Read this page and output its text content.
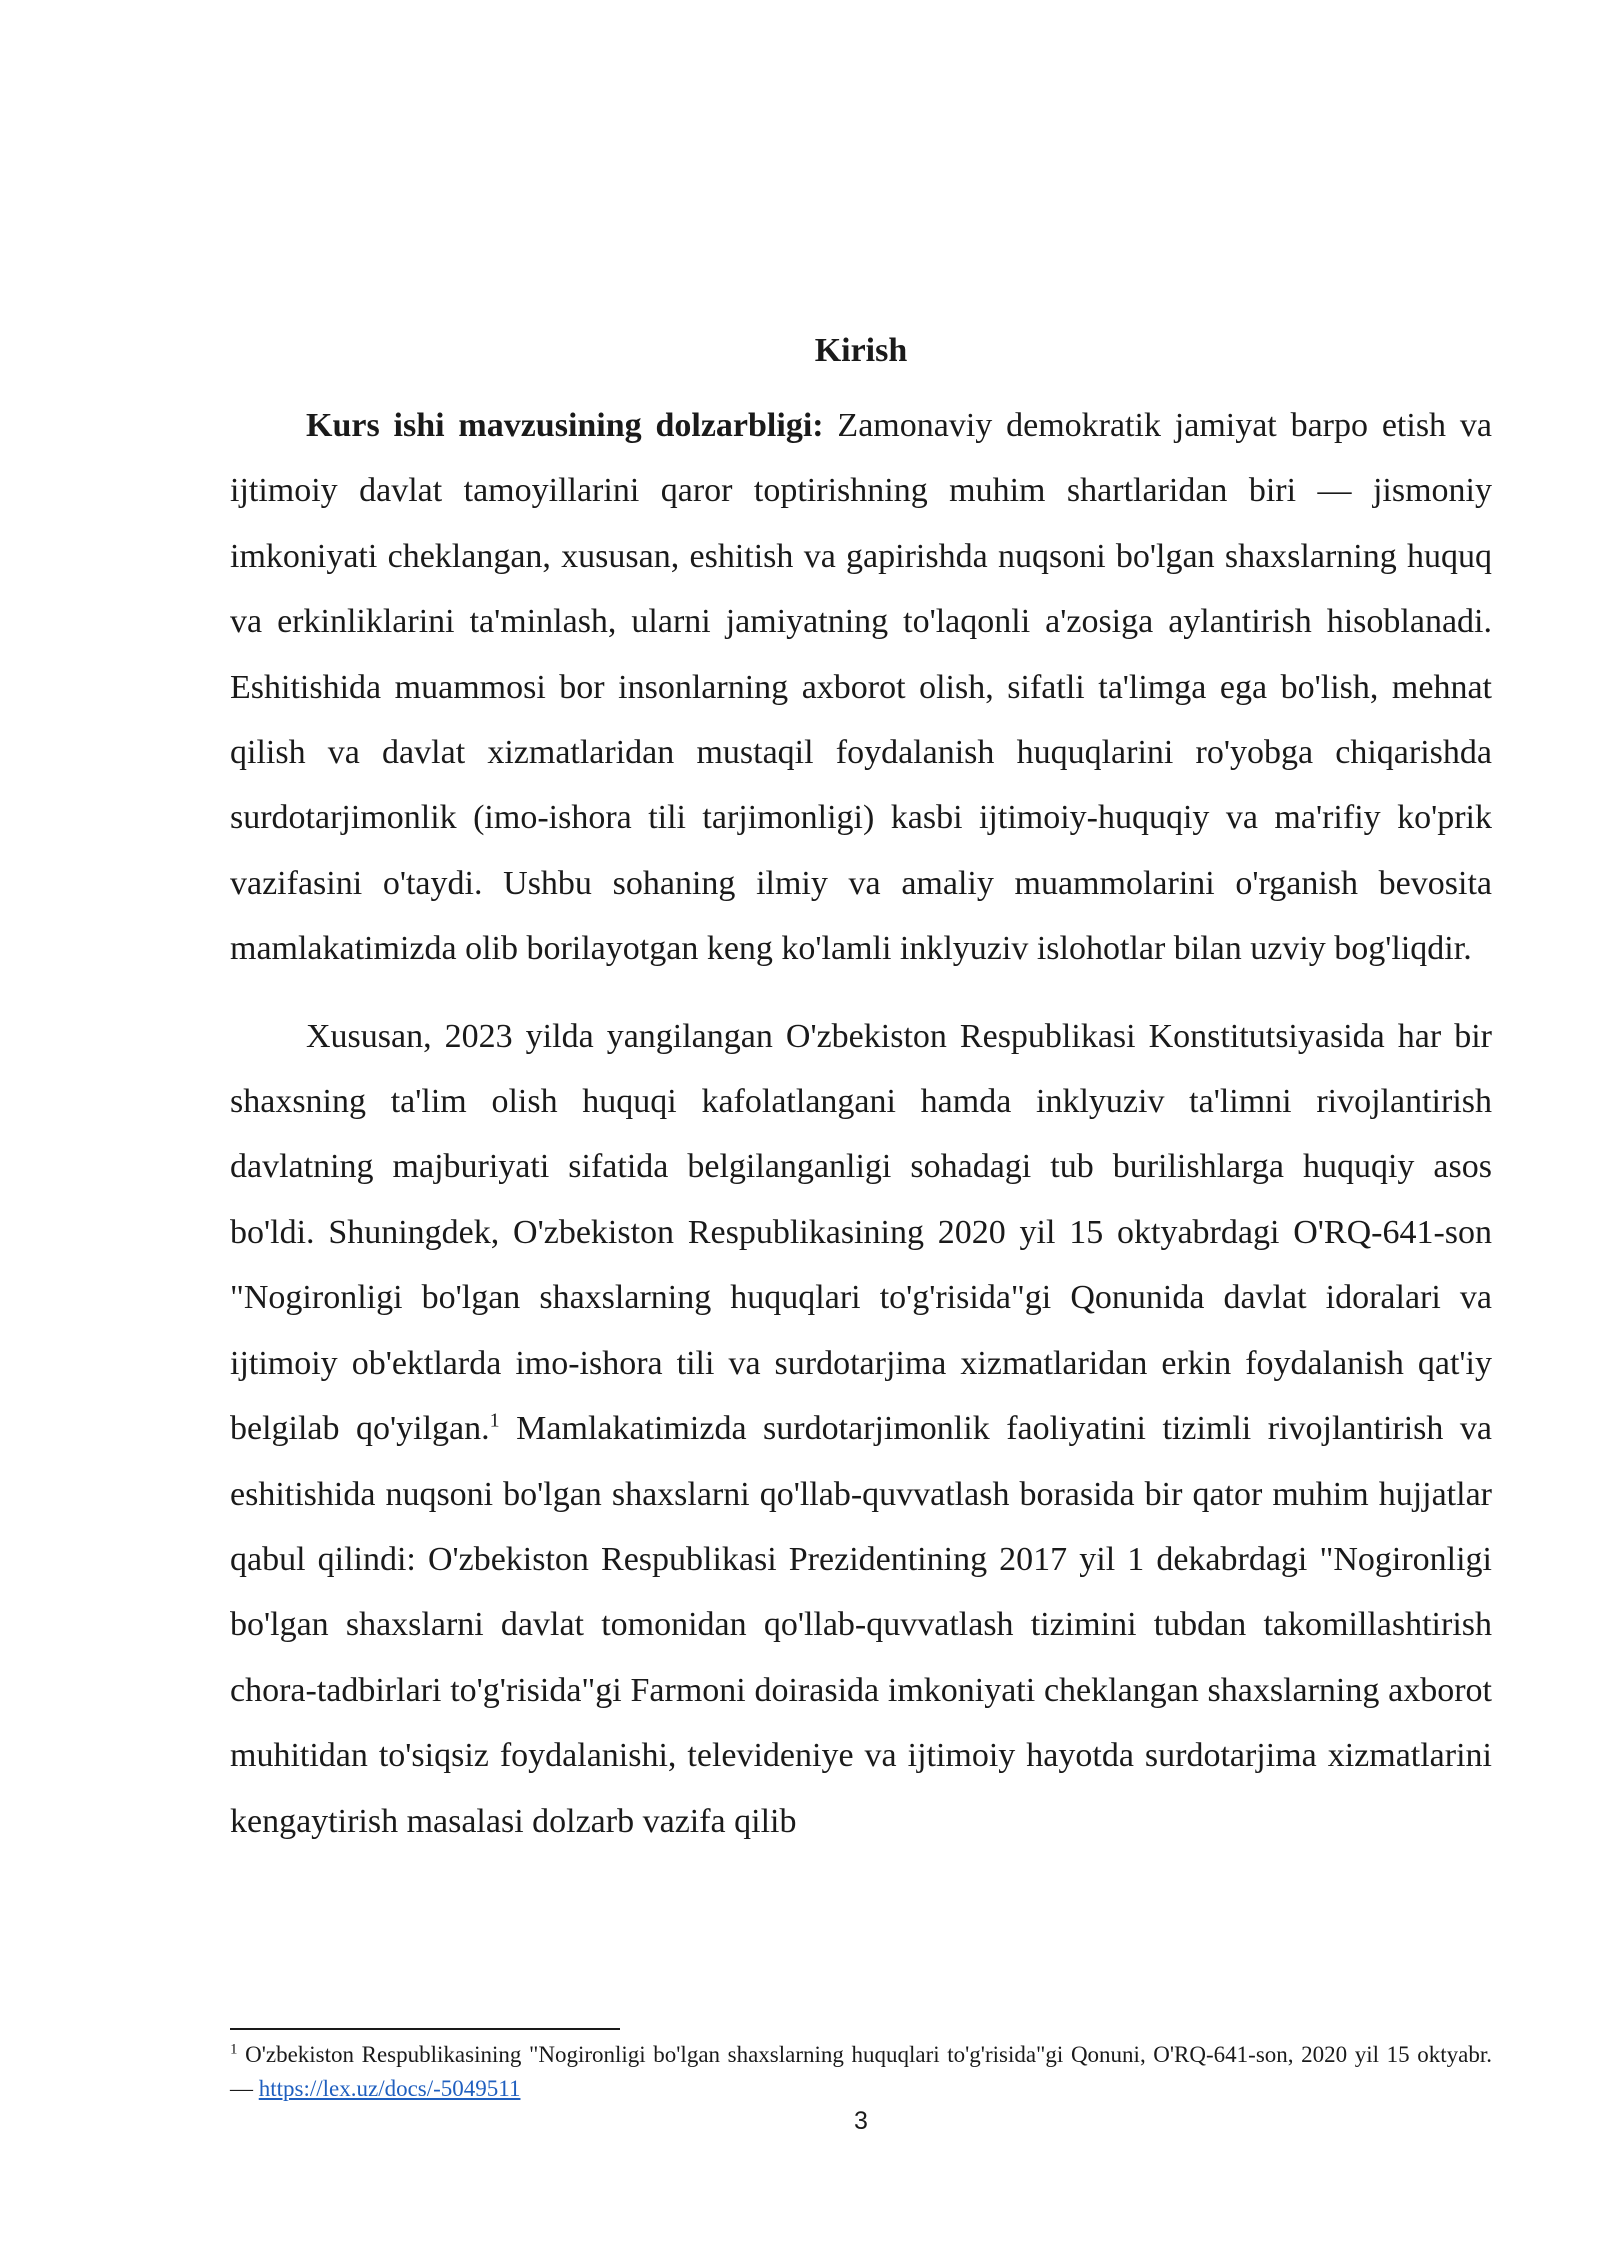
Kirish

Kurs ishi mavzusining dolzarbligi: Zamonaviy demokratik jamiyat barpo etish va ijtimoiy davlat tamoyillarini qaror toptirishning muhim shartlaridan biri — jismoniy imkoniyati cheklangan, xususan, eshitish va gapirishda nuqsoni bo'lgan shaxslarning huquq va erkinliklarini ta'minlash, ularni jamiyatning to'laqonli a'zosiga aylantirish hisoblanadi. Eshitishida muammosi bor insonlarning axborot olish, sifatli ta'limga ega bo'lish, mehnat qilish va davlat xizmatlaridan mustaqil foydalanish huquqlarini ro'yobga chiqarishda surdotarjimonlik (imo-ishora tili tarjimonligi) kasbi ijtimoiy-huquqiy va ma'rifiy ko'prik vazifasini o'taydi. Ushbu sohaning ilmiy va amaliy muammolarini o'rganish bevosita mamlakatimizda olib borilayotgan keng ko'lamli inklyuziv islohotlar bilan uzviy bog'liqdir.

Xususan, 2023 yilda yangilangan O'zbekiston Respublikasi Konstitutsiyasida har bir shaxsning ta'lim olish huquqi kafolatlangani hamda inklyuziv ta'limni rivojlantirish davlatning majburiyati sifatida belgilanganligi sohadagi tub burilishlarga huquqiy asos bo'ldi. Shuningdek, O'zbekiston Respublikasining 2020 yil 15 oktyabrdagi O'RQ-641-son "Nogironligi bo'lgan shaxslarning huquqlari to'g'risida"gi Qonunida davlat idoralari va ijtimoiy ob'ektlarda imo-ishora tili va surdotarjima xizmatlaridan erkin foydalanish qat'iy belgilab qo'yilgan.$^1$ Mamlakatimizda surdotarjimonlik faoliyatini tizimli rivojlantirish va eshitishida nuqsoni bo'lgan shaxslarni qo'llab-quvvatlash borasida bir qator muhim hujjatlar qabul qilindi: O'zbekiston Respublikasi Prezidentining 2017 yil 1 dekabrdagi "Nogironligi bo'lgan shaxslarni davlat tomonidan qo'llab-quvvatlash tizimini tubdan takomillashtirish chora-tadbirlari to'g'risida"gi Farmoni doirasida imkoniyati cheklangan shaxslarning axborot muhitidan to'siqsiz foydalanishi, televideniye va ijtimoiy hayotda surdotarjima xizmatlarini kengaytirish masalasi dolzarb vazifa qilib

$^1$ O'zbekiston Respublikasining "Nogironligi bo'lgan shaxslarning huquqlari to'g'risida"gi Qonuni, O'RQ-641-son, 2020 yil 15 oktyabr. — https://lex.uz/docs/-5049511
3
